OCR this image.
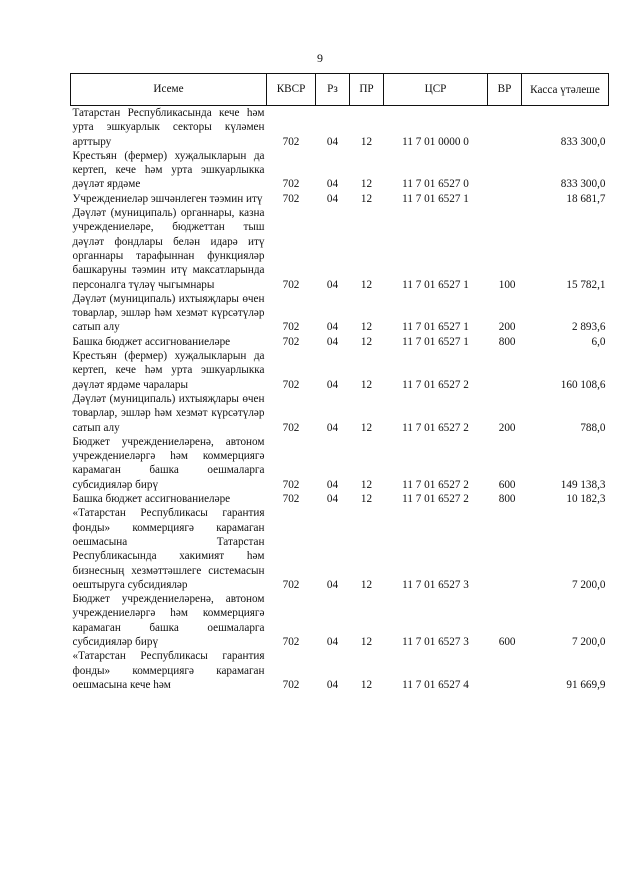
9
Исеме	КВСР	Рз	ПР	ЦСР	ВР	Касса үтәлеше
Татарстан Республикасында кече һәм урта эшкуарлык секторы күләмен арттыру	702	04	12	11 7 01 0000 0		833 300,0
Крестьян (фермер) хуҗалыкларын да кертеп, кече һәм урта эшкуарлыкка дәүләт ярдәме	702	04	12	11 7 01 6527 0		833 300,0
Учреждениеләр эшчәнлеген тәэмин итү	702	04	12	11 7 01 6527 1		18 681,7
Дәүләт (муниципаль) органнары, казна учреждениеләре, бюджеттан тыш дәүләт фондлары белән идарә итү органнары тарафыннан функцияләр башкаруны тәэмин итү максатларында персоналга түләү чыгымнары	702	04	12	11 7 01 6527 1	100	15 782,1
Дәүләт (муниципаль) ихтыяҗлары өчен товарлар, эшләр һәм хезмәт күрсәтүләр сатып алу	702	04	12	11 7 01 6527 1	200	2 893,6
Башка бюджет ассигнованиеләре	702	04	12	11 7 01 6527 1	800	6,0
Крестьян (фермер) хуҗалыкларын да кертеп, кече һәм урта эшкуарлыкка дәүләт ярдәме чаралары	702	04	12	11 7 01 6527 2		160 108,6
Дәүләт (муниципаль) ихтыяҗлары өчен товарлар, эшләр һәм хезмәт күрсәтүләр сатып алу	702	04	12	11 7 01 6527 2	200	788,0
Бюджет учреждениеләренә, автоном учреждениеләргә һәм коммерциягә карамаган башка оешмаларга субсидияләр бирү	702	04	12	11 7 01 6527 2	600	149 138,3
Башка бюджет ассигнованиеләре	702	04	12	11 7 01 6527 2	800	10 182,3
«Татарстан Республикасы гарантия фонды» коммерциягә карамаган оешмасына Татарстан Республикасында хакимият һәм бизнесның хезмәттәшлеге системасын оештыруга субсидияләр	702	04	12	11 7 01 6527 3		7 200,0
Бюджет учреждениеләренә, автоном учреждениеләргә һәм коммерциягә карамаган башка оешмаларга субсидияләр бирү	702	04	12	11 7 01 6527 3	600	7 200,0
«Татарстан Республикасы гарантия фонды» коммерциягә карамаган оешмасына кече һәм	702	04	12	11 7 01 6527 4		91 669,9
